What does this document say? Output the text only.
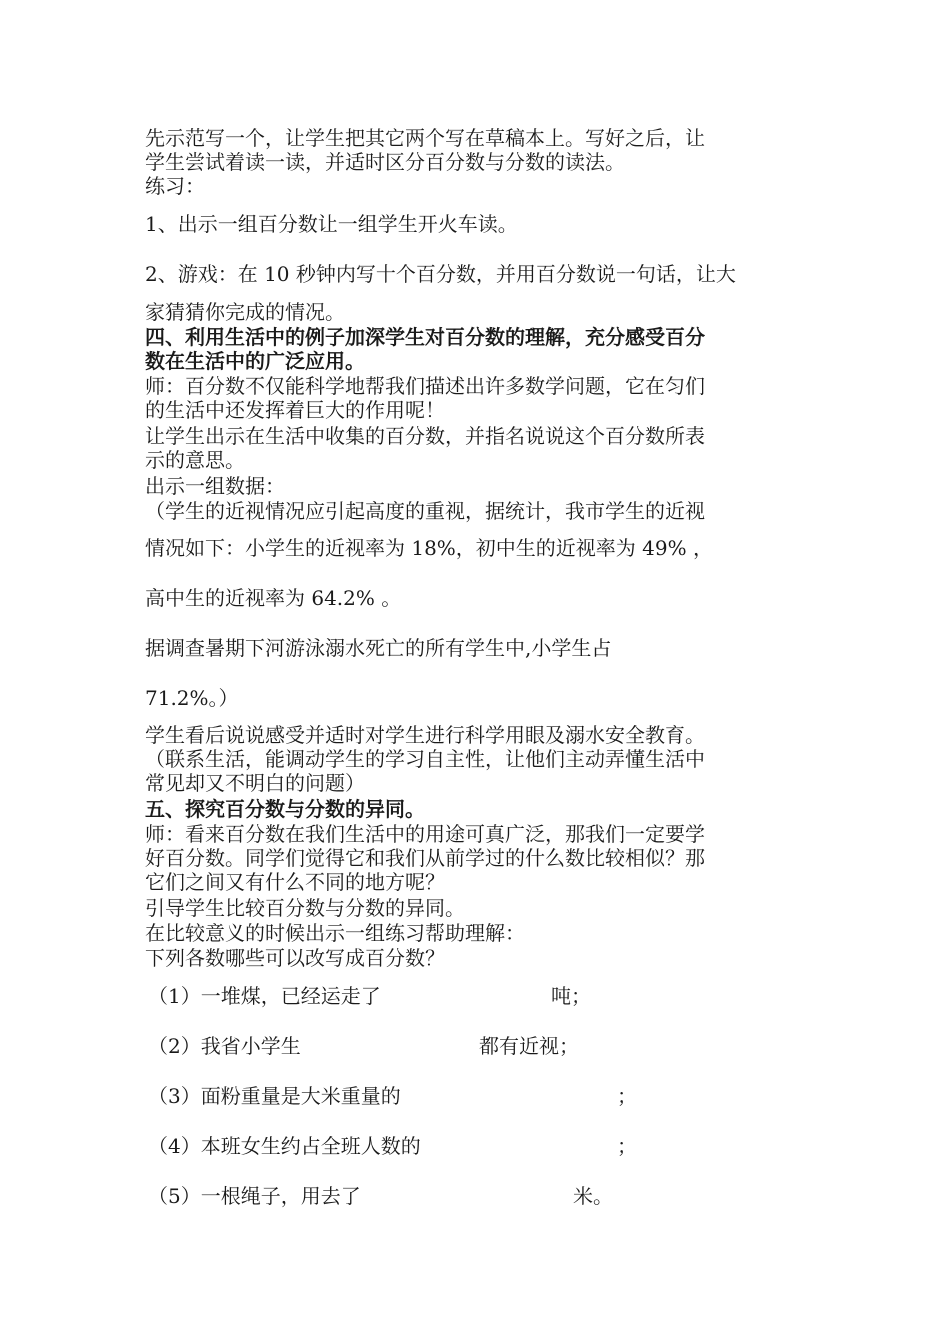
先示范写一个，让学生把其它两个写在草稿本上。写好之后，让

学生尝试着读一读，并适时区分百分数与分数的读法。

练习：

1、出示一组百分数让一组学生开火车读。

2、游戏：在 10 秒钟内写十个百分数，并用百分数说一句话，让大

家猜猜你完成的情况。

四、利用生活中的例子加深学生对百分数的理解，充分感受百分

数在生活中的广泛应用。

师：百分数不仅能科学地帮我们描述出许多数学问题，它在匀们

的生活中还发挥着巨大的作用呢！

让学生出示在生活中收集的百分数，并指名说说这个百分数所表

示的意思。

出示一组数据：

（学生的近视情况应引起高度的重视，据统计，我市学生的近视

情况如下：小学生的近视率为 18%，初中生的近视率为 49% ，

高中生的近视率为 64.2% 。

据调查暑期下河游泳溺水死亡的所有学生中,小学生占

71.2%。）

学生看后说说感受并适时对学生进行科学用眼及溺水安全教育。

（联系生活，能调动学生的学习自主性，让他们主动弄懂生活中

常见却又不明白的问题）

五、探究百分数与分数的异同。

师：看来百分数在我们生活中的用途可真广泛，那我们一定要学

好百分数。同学们觉得它和我们从前学过的什么数比较相似？那

它们之间又有什么不同的地方呢？

引导学生比较百分数与分数的异同。

在比较意义的时候出示一组练习帮助理解：

下列各数哪些可以改写成百分数？

（1）一堆煤，已经运走了	吨；
（2）我省小学生	都有近视；
（3）面粉重量是大米重量的	；
（4）本班女生约占全班人数的	；
（5）一根绳子，用去了	米。
